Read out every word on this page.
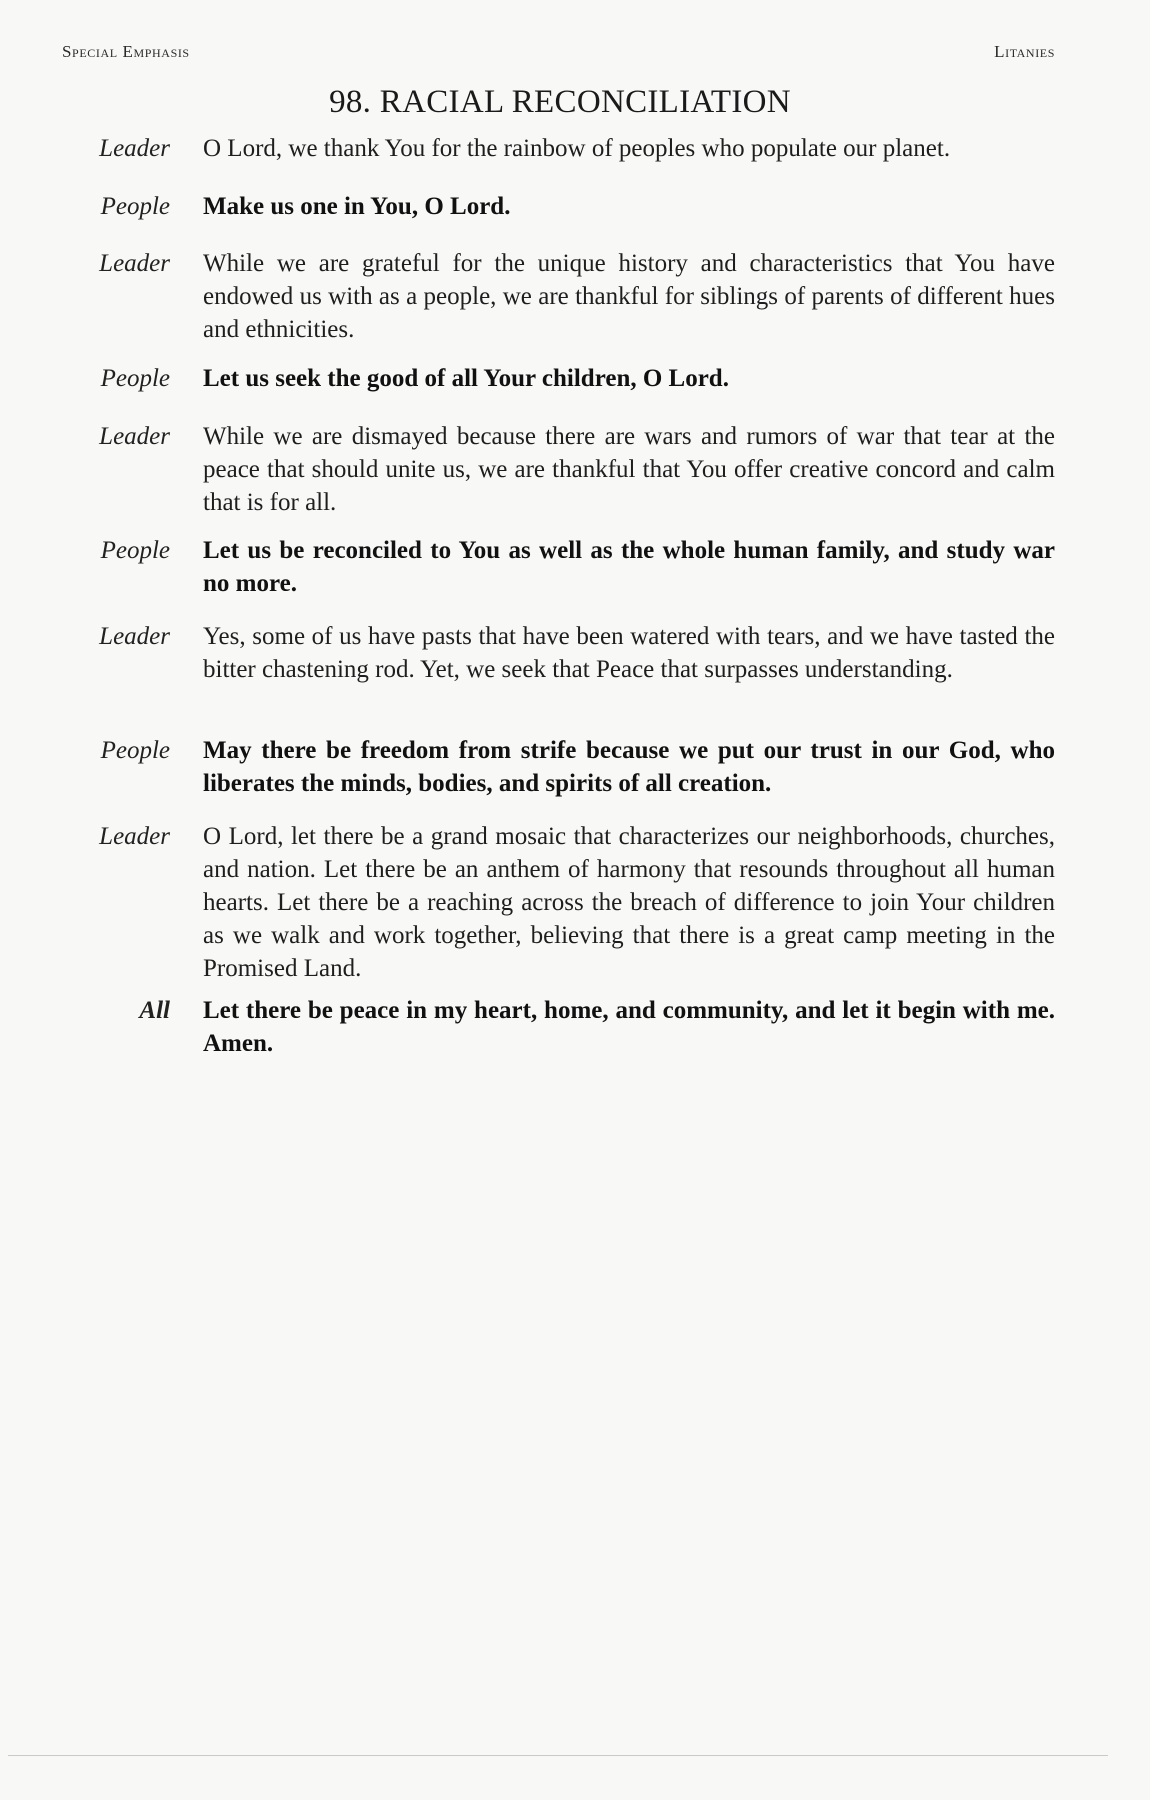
Special Emphasis	Litanies
98. RACIAL RECONCILIATION
Leader O Lord, we thank You for the rainbow of peoples who populate our planet.
People Make us one in You, O Lord.
Leader While we are grateful for the unique history and characteristics that You have endowed us with as a people, we are thankful for siblings of parents of different hues and ethnicities.
People Let us seek the good of all Your children, O Lord.
Leader While we are dismayed because there are wars and rumors of war that tear at the peace that should unite us, we are thankful that You offer creative concord and calm that is for all.
People Let us be reconciled to You as well as the whole human family, and study war no more.
Leader Yes, some of us have pasts that have been watered with tears, and we have tasted the bitter chastening rod. Yet, we seek that Peace that surpasses understanding.
People May there be freedom from strife because we put our trust in our God, who liberates the minds, bodies, and spirits of all creation.
Leader O Lord, let there be a grand mosaic that characterizes our neighborhoods, churches, and nation. Let there be an anthem of harmony that resounds throughout all human hearts. Let there be a reaching across the breach of difference to join Your children as we walk and work together, believing that there is a great camp meeting in the Promised Land.
All Let there be peace in my heart, home, and community, and let it begin with me. Amen.
